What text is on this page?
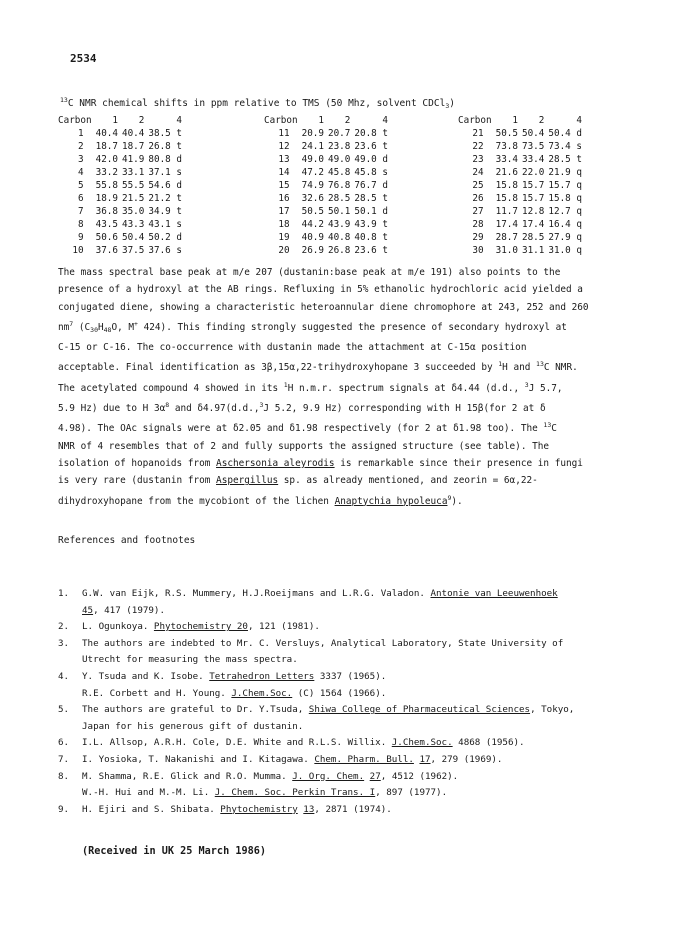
2534
$^{13}$C NMR chemical shifts in ppm relative to TMS (50 Mhz, solvent CDCl$_3$)
Carbon	1	2	4
1	40.4	40.4	38.5 t
2	18.7	18.7	26.8 t
3	42.0	41.9	80.8 d
4	33.2	33.1	37.1 s
5	55.8	55.5	54.6 d
6	18.9	21.5	21.2 t
7	36.8	35.0	34.9 t
8	43.5	43.3	43.1 s
9	50.6	50.4	50.2 d
10	37.6	37.5	37.6 s
Carbon	1	2	4
11	20.9	20.7	20.8 t
12	24.1	23.8	23.6 t
13	49.0	49.0	49.0 d
14	47.2	45.8	45.8 s
15	74.9	76.8	76.7 d
16	32.6	28.5	28.5 t
17	50.5	50.1	50.1 d
18	44.2	43.9	43.9 t
19	40.9	40.8	40.8 t
20	26.9	26.8	23.6 t
Carbon	1	2	4
21	50.5	50.4	50.4 d
22	73.8	73.5	73.4 s
23	33.4	33.4	28.5 t
24	21.6	22.0	21.9 q
25	15.8	15.7	15.7 q
26	15.8	15.7	15.8 q
27	11.7	12.8	12.7 q
28	17.4	17.4	16.4 q
29	28.7	28.5	27.9 q
30	31.0	31.1	31.0 q

The mass spectral base peak at m/e 207 (dustanin:base peak at m/e 191) also points to the

presence of a hydroxyl at the AB rings. Refluxing in 5% ethanolic hydrochloric acid yielded a

conjugated diene, showing a characteristic heteroannular diene chromophore at 243, 252 and 260

$nm^7$ ($C_{30}H_{48}O$, M+ 424). This finding strongly suggested the presence of secondary hydroxyl at

C-15 or C-16. The co-occurrence with dustanin made the attachment at C-15α position

acceptable. Final identification as 3β,15α,22-trihydroxyhopane 3 succeeded by $^1$H and $^{13}$C NMR.

The acetylated compound 4 showed in its $^1$H n.m.r. spectrum signals at δ4.44 (d.d., $^3$J 5.7,

5.9 Hz) due to H $3\alpha^8$ and δ4.97(d.d.,$^3$J 5.2, 9.9 Hz) corresponding with H 15β(for 2 at δ

4.98). The OAc signals were at δ2.05 and δ1.98 respectively (for 2 at δ1.98 too). The $^{13}$C

NMR of 4 resembles that of 2 and fully supports the assigned structure (see table). The

isolation of hopanoids from Aschersonia aleyrodis is remarkable since their presence in fungi

is very rare (dustanin from Aspergillus sp. as already mentioned, and zeorin = 6α,22-

dihydroxyhopane from the mycobiont of the lichen Anaptychia hypoleuca$^9$).

References and footnotes
1.	G.W. van Eijk, R.S. Mummery, H.J.Roeijmans and L.R.G. Valadon. Antonie van Leeuwenhoek
45, 417 (1979).
2.	L. Ogunkoya. Phytochemistry 20, 121 (1981).
3.	The authors are indebted to Mr. C. Versluys, Analytical Laboratory, State University of
Utrecht for measuring the mass spectra.
4.	Y. Tsuda and K. Isobe. Tetrahedron Letters 3337 (1965).
R.E. Corbett and H. Young. J.Chem.Soc. (C) 1564 (1966).
5.	The authors are grateful to Dr. Y.Tsuda, Shiwa College of Pharmaceutical Sciences, Tokyo,
Japan for his generous gift of dustanin.
6.	I.L. Allsop, A.R.H. Cole, D.E. White and R.L.S. Willix. J.Chem.Soc. 4868 (1956).
7.	I. Yosioka, T. Nakanishi and I. Kitagawa. Chem. Pharm. Bull. 17, 279 (1969).
8.	M. Shamma, R.E. Glick and R.O. Mumma. J. Org. Chem. 27, 4512 (1962).
W.-H. Hui and M.-M. Li. J. Chem. Soc. Perkin Trans. I, 897 (1977).
9.	H. Ejiri and S. Shibata. Phytochemistry 13, 2871 (1974).
(Received in UK 25 March 1986)
